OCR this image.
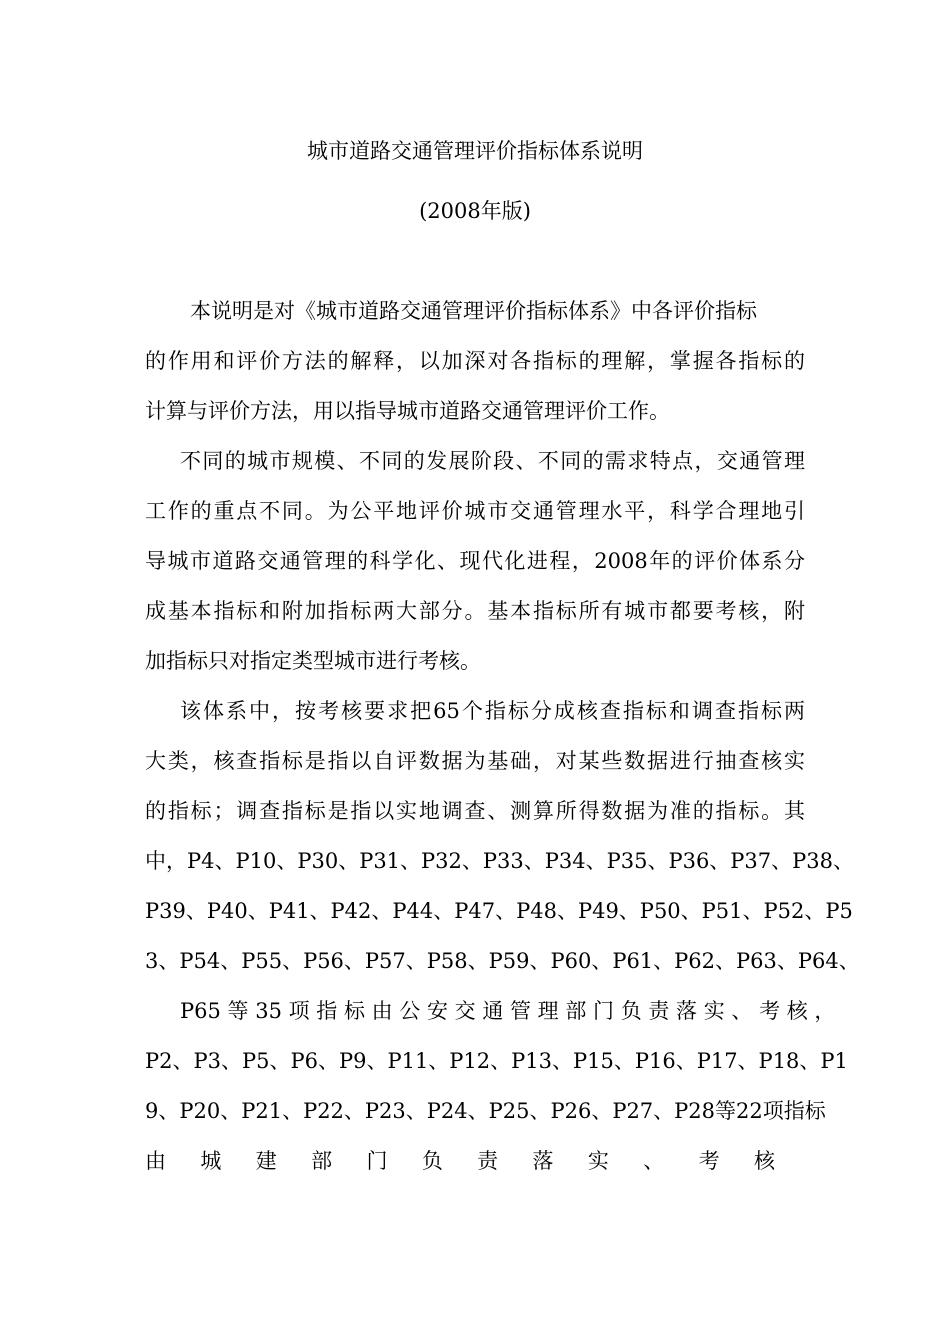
城市道路交通管理评价指标体系说明
(2008年版)
本说明是对《城市道路交通管理评价指标体系》中各评价指标
的作用和评价方法的解释，以加深对各指标的理解，掌握各指标的
计算与评价方法，用以指导城市道路交通管理评价工作。
不同的城市规模、不同的发展阶段、不同的需求特点，交通管理
工作的重点不同。为公平地评价城市交通管理水平，科学合理地引
导城市道路交通管理的科学化、现代化进程，2008年的评价体系分
成基本指标和附加指标两大部分。基本指标所有城市都要考核，附
加指标只对指定类型城市进行考核。
该体系中，按考核要求把65个指标分成核查指标和调查指标两
大类，核查指标是指以自评数据为基础，对某些数据进行抽查核实
的指标；调查指标是指以实地调查、测算所得数据为准的指标。其
中，P4、P10、P30、P31、P32、P33、P34、P35、P36、P37、P38、
P39、P40、P41、P42、P44、P47、P48、P49、P50、P51、P52、P5
3、P54、P55、P56、P57、P58、P59、P60、P61、P62、P63、P64、
P65 等 35 项 指 标 由 公 安 交 通 管 理 部 门 负 责 落 实 、 考 核 ，
P2、P3、P5、P6、P9、P11、P12、P13、P15、P16、P17、P18、P1
9、P20、P21、P22、P23、P24、P25、P26、P27、P28等22项指标
由 城 建 部 门 负 责 落 实 、 考 核
